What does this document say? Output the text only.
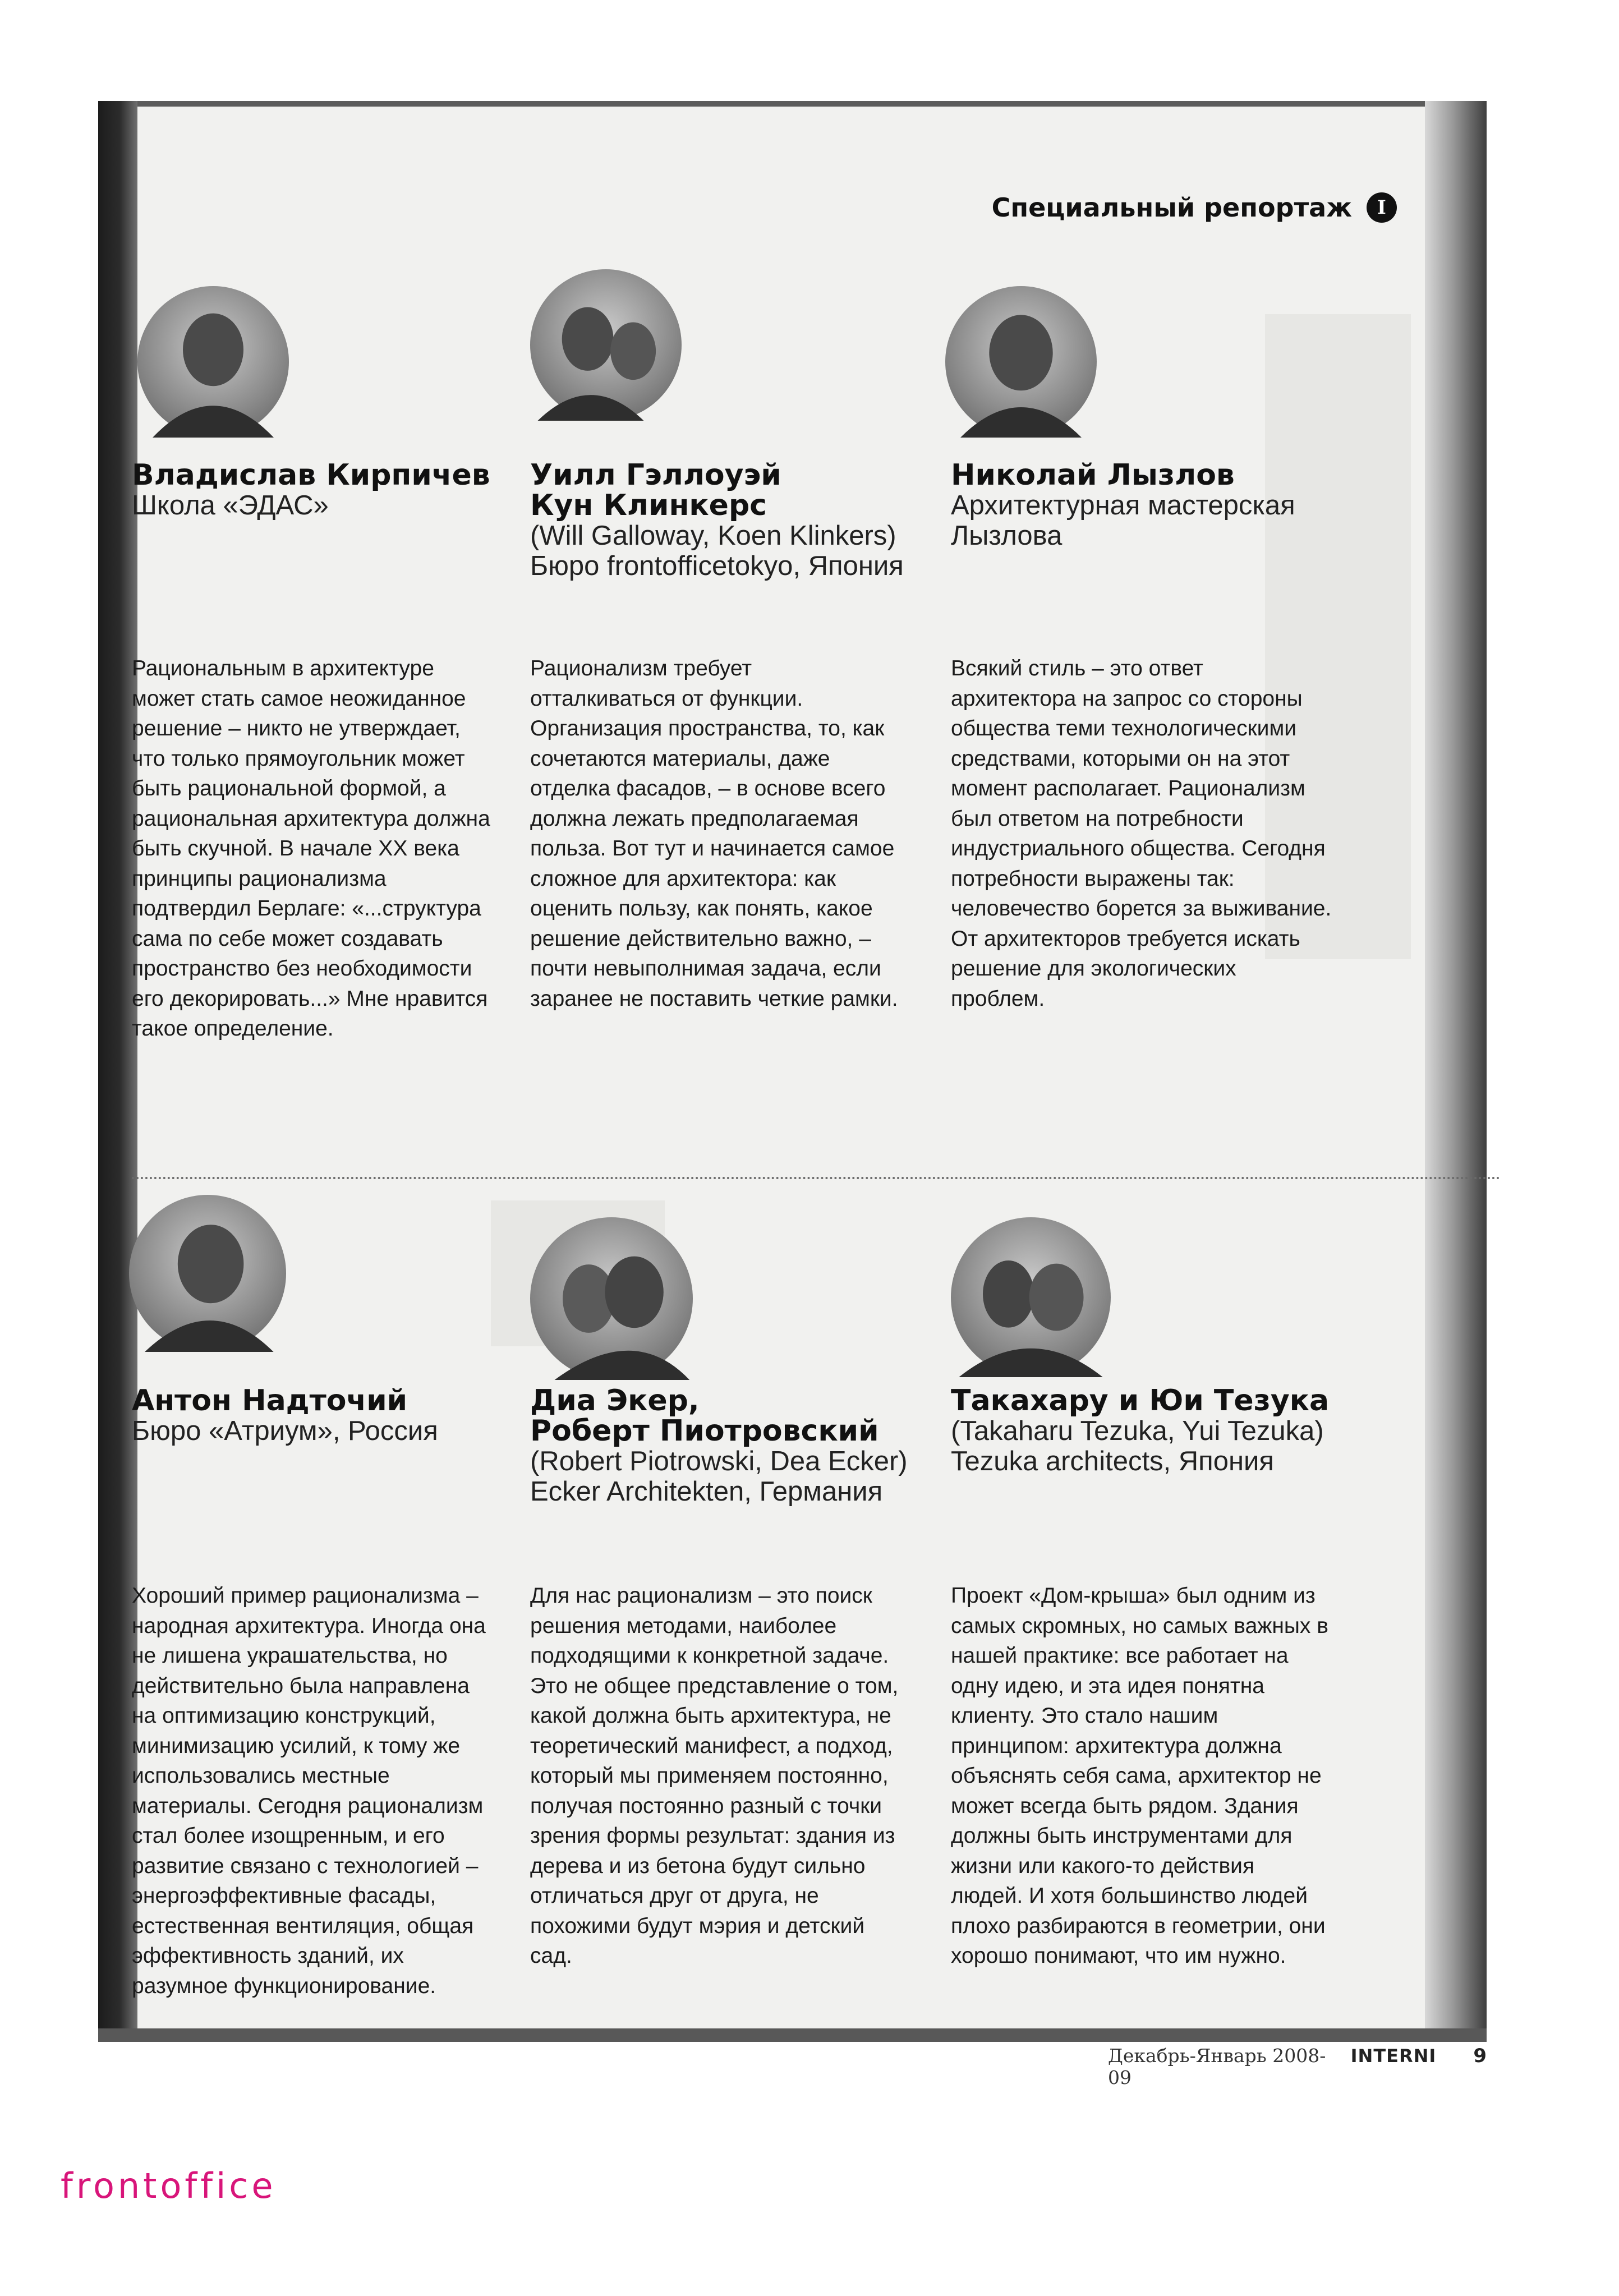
Специальный репортаж	I

Владислав Кирпичев

Школа «ЭДАС»

Уилл Гэллоуэй

Кун Клинкерс

(Will Galloway, Koen Klinkers)

Бюро frontofficetokyo, Япония

Николай Лызлов

Архитектурная мастерская

Лызлова

Рациональным в архитектуре может стать самое неожиданное решение – никто не утверждает, что только прямоугольник может быть рациональной формой, а рациональная архитектура должна быть скучной. В начале XX века принципы рационализма подтвердил Берлаге: «...структура сама по себе может создавать пространство без необходимости его декорировать...» Мне нравится такое определение.

Рационализм требует отталкиваться от функции. Организация пространства, то, как сочетаются материалы, даже отделка фасадов, – в основе всего должна лежать предполагаемая польза. Вот тут и начинается самое сложное для архитектора: как оценить пользу, как понять, какое решение действительно важно, – почти невыполнимая задача, если заранее не поставить четкие рамки.

Всякий стиль – это ответ архитектора на запрос со стороны общества теми технологическими средствами, которыми он на этот момент располагает. Рационализм был ответом на потребности индустриального общества. Сегодня потребности выражены так: человечество борется за выживание. От архитекторов требуется искать решение для экологических проблем.

Антон Надточий

Бюро «Атриум», Россия

Диа Экер,

Роберт Пиотровский

(Robert Piotrowski, Dea Ecker)

Ecker Architekten, Германия

Такахару и Юи Тезука

(Takaharu Tezuka, Yui Tezuka)

Tezuka architects, Япония

Хороший пример рационализма – народная архитектура. Иногда она не лишена украшательства, но действительно была направлена на оптимизацию конструкций, минимизацию усилий, к тому же использовались местные материалы. Сегодня рационализм стал более изощренным, и его развитие связано с технологией – энергоэффективные фасады, естественная вентиляция, общая эффективность зданий, их разумное функционирование.

Для нас рационализм – это поиск решения методами, наиболее подходящими к конкретной задаче. Это не общее представление о том, какой должна быть архитектура, не теоретический манифест, а подход, который мы применяем постоянно, получая постоянно разный с точки зрения формы результат: здания из дерева и из бетона будут сильно отличаться друг от друга, не похожими будут мэрия и детский сад.

Проект «Дом-крыша» был одним из самых скромных, но самых важных в нашей практике: все работает на одну идею, и эта идея понятна клиенту. Это стало нашим принципом: архитектура должна объяснять себя сама, архитектор не может всегда быть рядом. Здания должны быть инструментами для жизни или какого-то действия людей. И хотя большинство людей плохо разбираются в геометрии, они хорошо понимают, что им нужно.

Декабрь-Январь 2008-09
INTERNI 9
frontoffice
